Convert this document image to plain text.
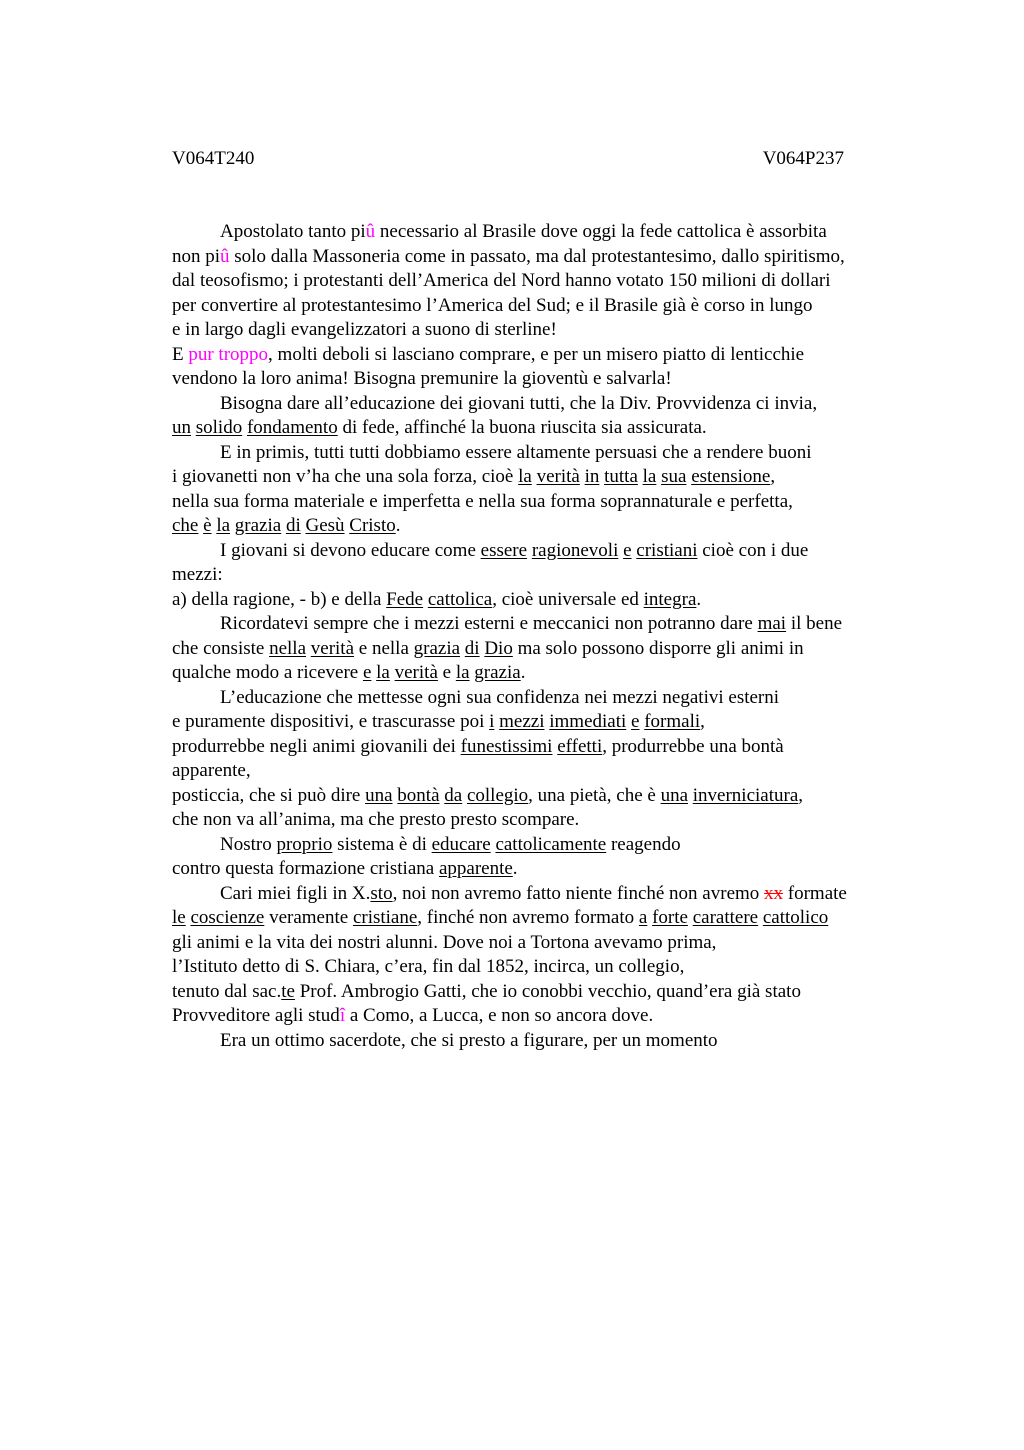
V064T240	V064P237
Apostolato tanto piû necessario al Brasile dove oggi la fede cattolica è assorbita
non piû solo dalla Massoneria come in passato, ma dal protestantesimo, dallo spiritismo,
dal teosofismo; i protestanti dell’America del Nord hanno votato 150 milioni di dollari
per convertire al protestantesimo l’America del Sud; e il Brasile già è corso in lungo
e in largo dagli evangelizzatori a suono di sterline!
E pur troppo, molti deboli si lasciano comprare, e per un misero piatto di lenticchie
vendono la loro anima! Bisogna premunire la gioventù e salvarla!
Bisogna dare all’educazione dei giovani tutti, che la Div. Provvidenza ci invia,
un solido fondamento di fede, affinché la buona riuscita sia assicurata.
E in primis, tutti tutti dobbiamo essere altamente persuasi che a rendere buoni
i giovanetti non v’ha che una sola forza, cioè la verità in tutta la sua estensione,
nella sua forma materiale e imperfetta e nella sua forma soprannaturale e perfetta,
che è la grazia di Gesù Cristo.
I giovani si devono educare come essere ragionevoli e cristiani cioè con i due
mezzi:
a) della ragione, - b) e della Fede cattolica, cioè universale ed integra.
Ricordatevi sempre che i mezzi esterni e meccanici non potranno dare mai il bene
che consiste nella verità e nella grazia di Dio ma solo possono disporre gli animi in
qualche modo a ricevere e la verità e la grazia.
L’educazione che mettesse ogni sua confidenza nei mezzi negativi esterni
e puramente dispositivi, e trascurasse poi i mezzi immediati e formali,
produrrebbe negli animi giovanili dei funestissimi effetti, produrrebbe una bontà
apparente,
posticcia, che si può dire una bontà da collegio, una pietà, che è una inverniciatura,
che non va all’anima, ma che presto presto scompare.
Nostro proprio sistema è di educare cattolicamente reagendo
contro questa formazione cristiana apparente.
Cari miei figli in X.sto, noi non avremo fatto niente finché non avremo xx formate
le coscienze veramente cristiane, finché non avremo formato a forte carattere cattolico
gli animi e la vita dei nostri alunni. Dove noi a Tortona avevamo prima,
l’Istituto detto di S. Chiara, c’era, fin dal 1852, incirca, un collegio,
tenuto dal sac.te Prof. Ambrogio Gatti, che io conobbi vecchio, quand’era già stato
Provveditore agli studî a Como, a Lucca, e non so ancora dove.
Era un ottimo sacerdote, che si presto a figurare, per un momento
